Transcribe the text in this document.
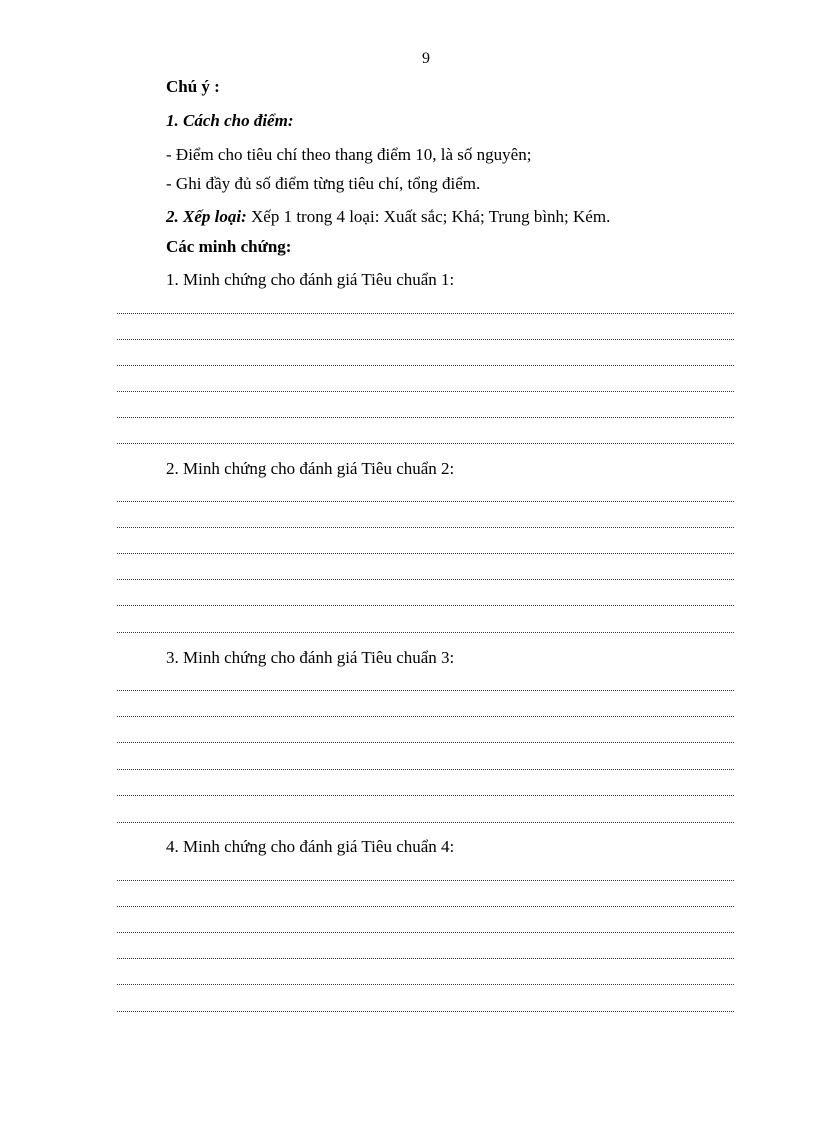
9
Chú ý :
1. Cách cho điểm:
- Điểm cho tiêu chí theo thang điểm 10, là số nguyên;
- Ghi đầy đủ số điểm từng tiêu chí, tổng điểm.
2. Xếp loại: Xếp 1 trong 4 loại: Xuất sắc; Khá; Trung bình; Kém.
Các minh chứng:
1. Minh chứng cho đánh giá Tiêu chuẩn 1:
2. Minh chứng cho đánh giá Tiêu chuẩn 2:
3. Minh chứng cho đánh giá Tiêu chuẩn 3:
4. Minh chứng cho đánh giá Tiêu chuẩn 4:
